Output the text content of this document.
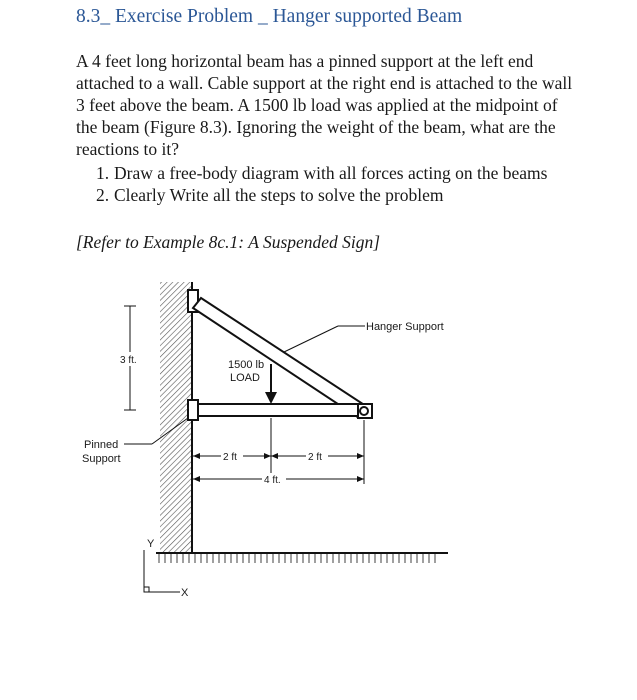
8.3_ Exercise Problem _ Hanger supported Beam

A 4 feet long horizontal beam has a pinned support at the left end attached to a wall. Cable support at the right end is attached to the wall 3 feet above the beam. A 1500 lb load was applied at the midpoint of the beam (Figure 8.3). Ignoring the weight of the beam, what are the reactions to it?

1. Draw a free-body diagram with all forces acting on the beams
2. Clearly Write all the steps to solve the problem
[Refer to Example 8c.1: A Suspended Sign]
1500 lb
LOAD
Hanger Support
3 ft.
Pinned
Support	2 ft	2 ft
4 ft.
Y
X
